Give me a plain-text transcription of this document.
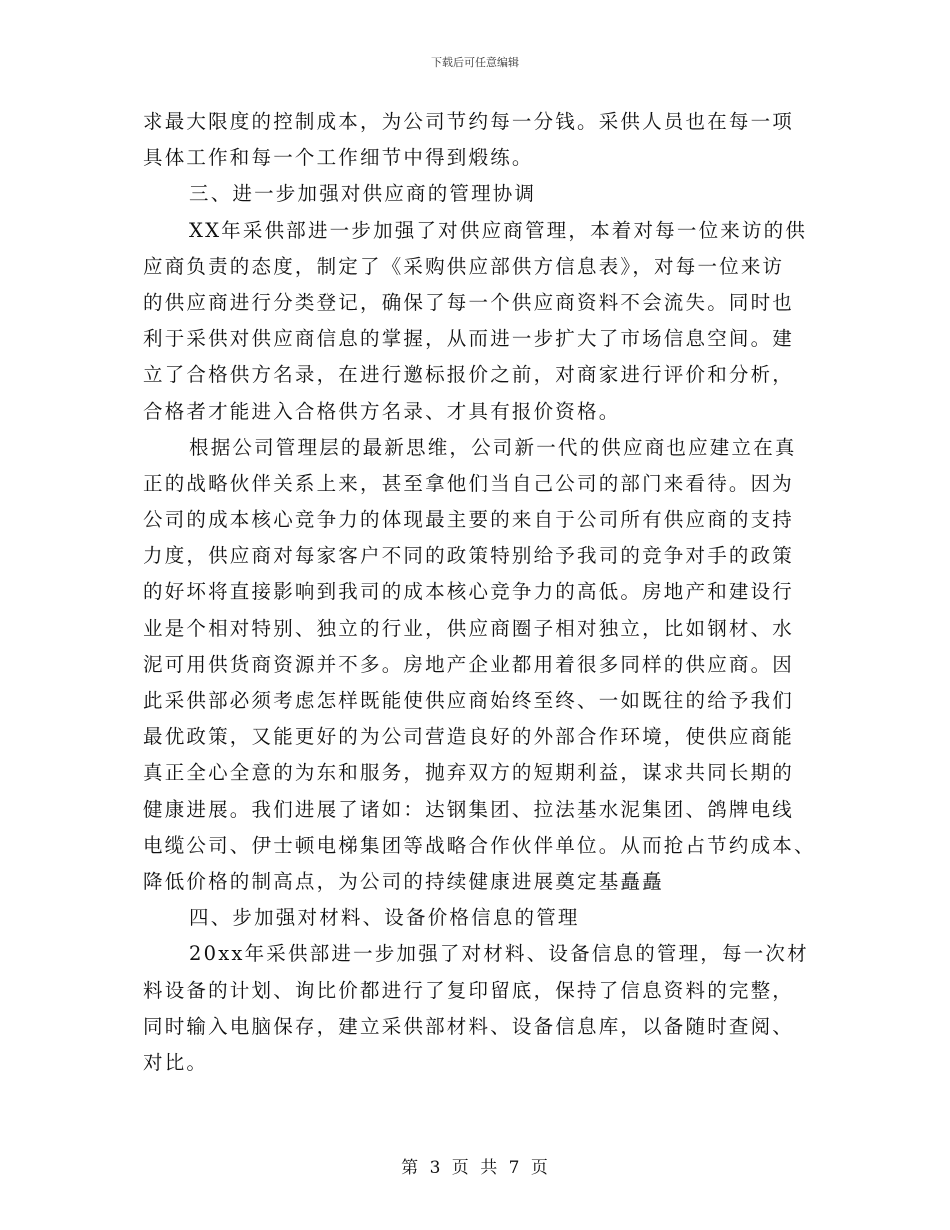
下载后可任意编辑
求最大限度的控制成本，为公司节约每一分钱。采供人员也在每一项
具体工作和每一个工作细节中得到煅练。
三、进一步加强对供应商的管理协调
XX年采供部进一步加强了对供应商管理，本着对每一位来访的供
应商负责的态度，制定了《采购供应部供方信息表》，对每一位来访
的供应商进行分类登记，确保了每一个供应商资料不会流失。同时也
利于采供对供应商信息的掌握，从而进一步扩大了市场信息空间。建
立了合格供方名录，在进行邀标报价之前，对商家进行评价和分析，
合格者才能进入合格供方名录、才具有报价资格。
根据公司管理层的最新思维，公司新一代的供应商也应建立在真
正的战略伙伴关系上来，甚至拿他们当自己公司的部门来看待。因为
公司的成本核心竞争力的体现最主要的来自于公司所有供应商的支持
力度，供应商对每家客户不同的政策特别给予我司的竞争对手的政策
的好坏将直接影响到我司的成本核心竞争力的高低。房地产和建设行
业是个相对特别、独立的行业，供应商圈子相对独立，比如钢材、水
泥可用供货商资源并不多。房地产企业都用着很多同样的供应商。因
此采供部必须考虑怎样既能使供应商始终至终、一如既往的给予我们
最优政策，又能更好的为公司营造良好的外部合作环境，使供应商能
真正全心全意的为东和服务，抛弃双方的短期利益，谋求共同长期的
健康进展。我们进展了诸如：达钢集团、拉法基水泥集团、鸽牌电线
电缆公司、伊士顿电梯集团等战略合作伙伴单位。从而抢占节约成本、
降低价格的制高点，为公司的持续健康进展奠定基矗矗
四、步加强对材料、设备价格信息的管理
20xx年采供部进一步加强了对材料、设备信息的管理，每一次材
料设备的计划、询比价都进行了复印留底，保持了信息资料的完整，
同时输入电脑保存，建立采供部材料、设备信息库，以备随时查阅、
对比。
第 3 页 共 7 页
